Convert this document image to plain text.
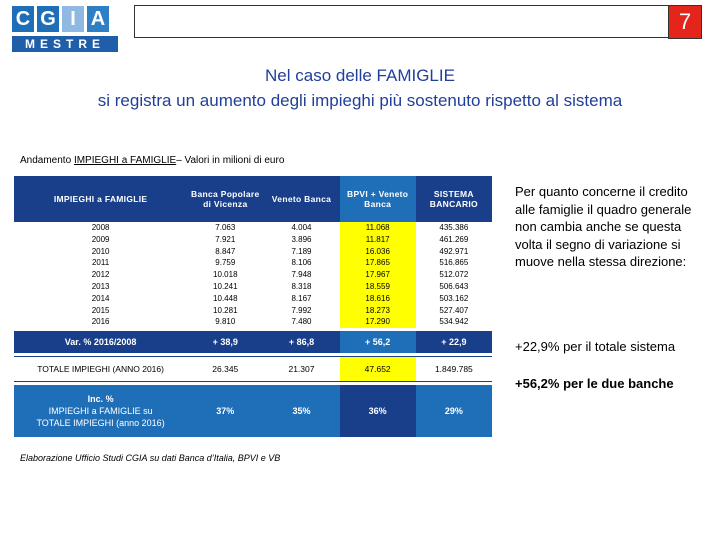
C G I A
MESTRE
7
Nel caso delle FAMIGLIE
si registra un aumento degli impieghi più sostenuto rispetto al sistema
Andamento IMPIEGHI a FAMIGLIE– Valori in milioni di euro
IMPIEGHI a FAMIGLIE	Banca Popolare di Vicenza	Veneto Banca	BPVI + Veneto Banca	SISTEMA BANCARIO
2008	7.063	4.004	11.068	435.386
2009	7.921	3.896	11.817	461.269
2010	8.847	7.189	16.036	492.971
2011	9.759	8.106	17.865	516.865
2012	10.018	7.948	17.967	512.072
2013	10.241	8.318	18.559	506.643
2014	10.448	8.167	18.616	503.162
2015	10.281	7.992	18.273	527.407
2016	9.810	7.480	17.290	534.942

Var. % 2016/2008	+ 38,9	+ 86,8	+ 56,2	+ 22,9

TOTALE IMPIEGHI (ANNO 2016)	26.345	21.307	47.652	1.849.785

Inc. %
IMPIEGHI a FAMIGLIE su
TOTALE IMPIEGHI (anno 2016)	37%	35%	36%	29%
Elaborazione Ufficio Studi CGIA su dati Banca d’Italia, BPVI e VB
Per quanto concerne il credito alle famiglie il quadro generale non cambia anche se questa volta il segno di variazione si muove nella stessa direzione:
+22,9% per il totale sistema
+56,2% per le due banche
